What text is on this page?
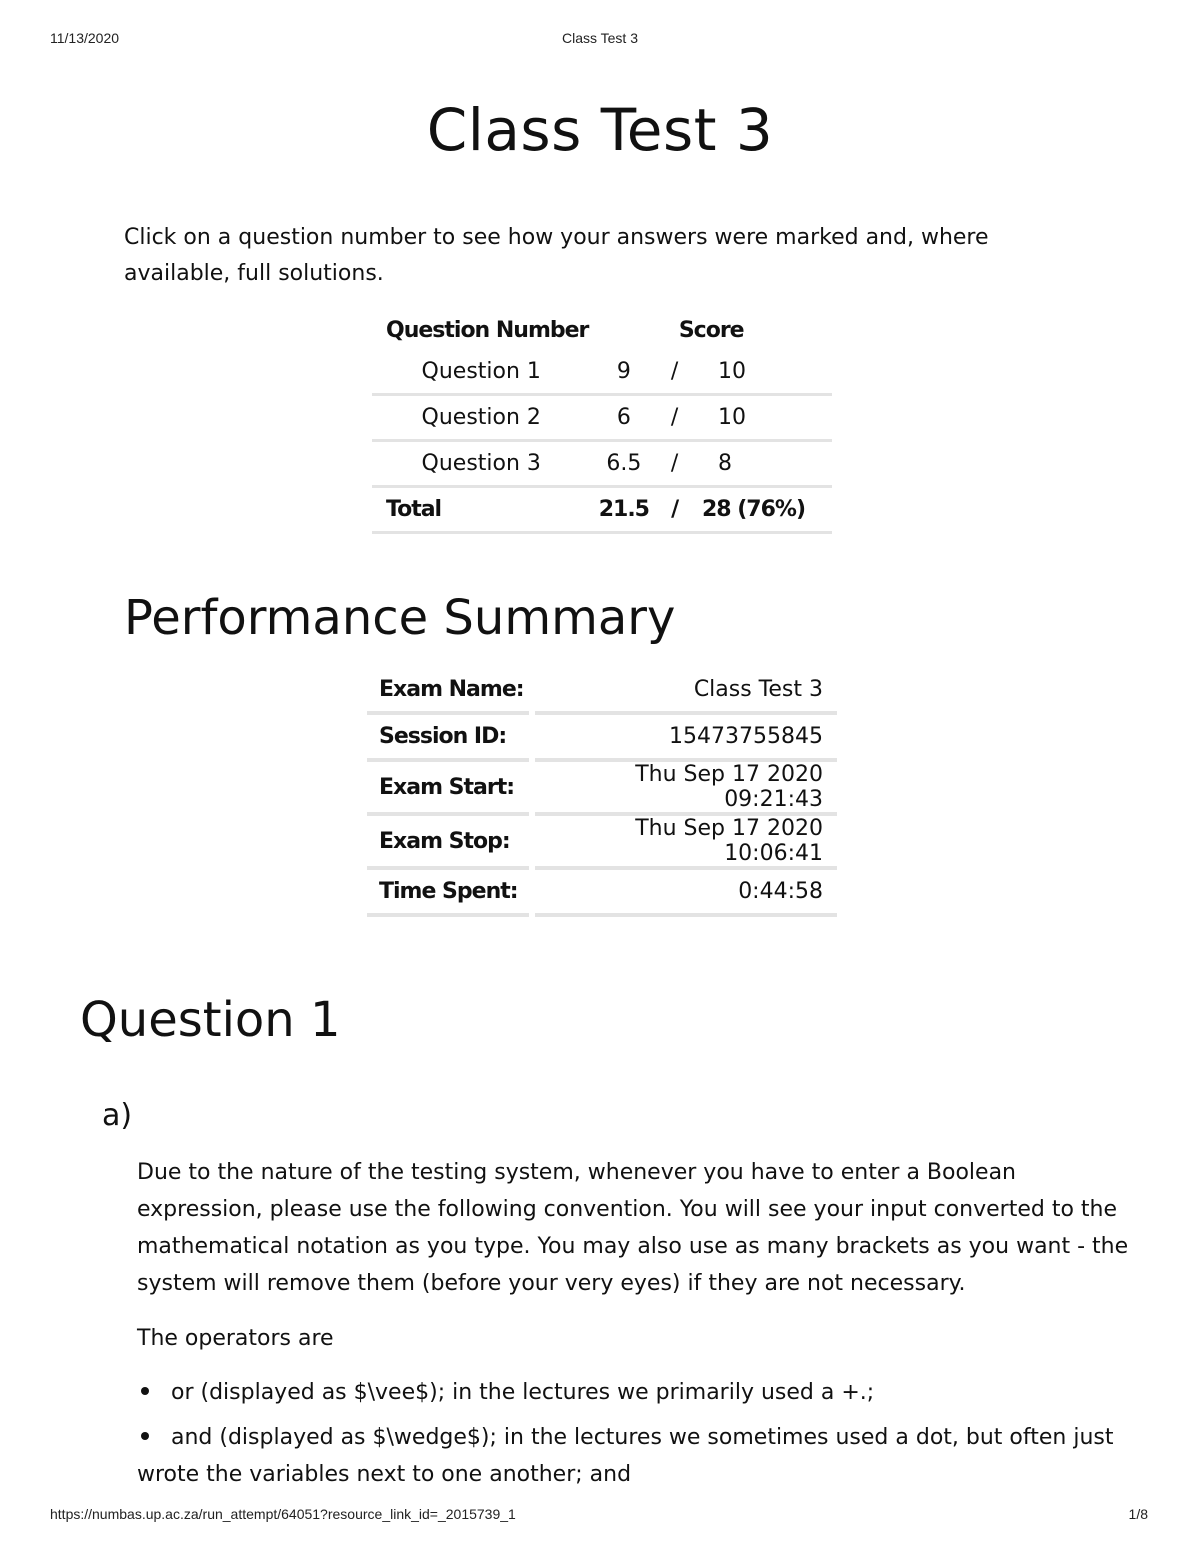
11/13/2020	Class Test 3
Class Test 3

Click on a question number to see how your answers were marked and, where available, full solutions.

Question Number	Score		
Question 1	9	/	10
Question 2	6	/	10
Question 3	6.5	/	8
Total	21.5	/	28 (76%)
Performance Summary
Exam Name:		Class Test 3
Session ID:		15473755845
Exam Start:		Thu Sep 17 2020 09:21:43
Exam Stop:		Thu Sep 17 2020 10:06:41
Time Spent:		0:44:58
Question 1
a)

Due to the nature of the testing system, whenever you have to enter a Boolean expression, please use the following convention. You will see your input converted to the mathematical notation as you type. You may also use as many brackets as you want - the system will remove them (before your very eyes) if they are not necessary.

The operators are

or (displayed as $\vee$); in the lectures we primarily used a +.;
and (displayed as $\wedge$); in the lectures we sometimes used a dot, but often just wrote the variables next to one another; and
https://numbas.up.ac.za/run_attempt/64051?resource_link_id=_2015739_1	1/8
